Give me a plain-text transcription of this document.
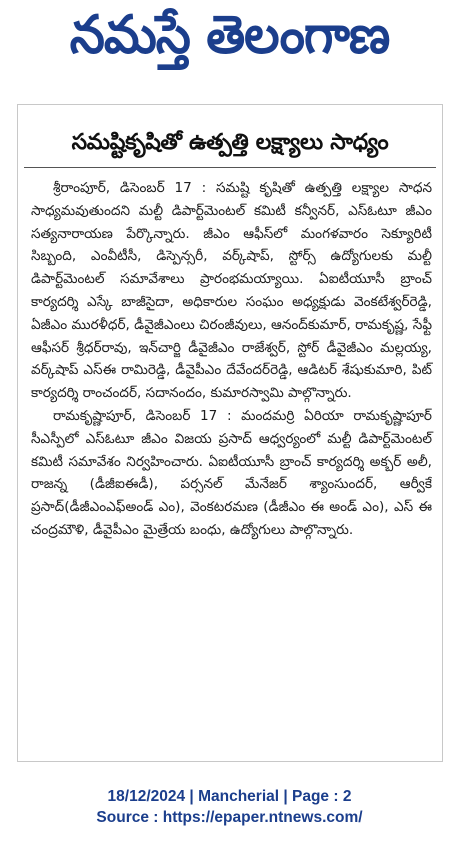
నమస్తే తెలంగాణ
సమష్టికృషితో ఉత్పత్తి లక్ష్యాలు సాధ్యం

శ్రీరాంపూర్, డిసెంబర్ 17 : సమష్టి కృషితో ఉత్పత్తి లక్ష్యాల సాధన సాధ్యమవుతుందని మల్టీ డిపార్ట్‌మెంటల్ కమిటీ కన్వీనర్, ఎస్ఓటూ జీఎం సత్యనారాయణ పేర్కొన్నారు. జీఎం ఆఫీస్‌లో మంగళవారం సెక్యూరిటీ సిబ్బంది, ఎంవీటీసీ, డిస్పెన్సరీ, వర్క్‌షాప్, స్టోర్స్ ఉద్యోగులకు మల్టీ డిపార్ట్‌మెంటల్ సమావేశాలు ప్రారంభమయ్యాయి. ఏఐటీయూసీ బ్రాంచ్ కార్యదర్శి ఎస్కే బాజీసైదా, అధికారుల సంఘం అధ్యక్షుడు వెంకటేశ్వర్‌రెడ్డి, ఏజీఎం మురళీధర్, డీవైజీఎంలు చిరంజీవులు, ఆనంద్‌కుమార్, రామకృష్ణ, సేఫ్టీ ఆఫీసర్ శ్రీధర్‌రావు, ఇన్‌చార్జి డీవైజీఎం రాజేశ్వర్, స్టోర్ డీవైజీఎం మల్లయ్య, వర్క్‌షాప్ ఎస్ఈ రామిరెడ్డి, డీవైపీఎం దేవేందర్‌రెడ్డి, ఆడిటర్ శేషుకుమారి, పిట్ కార్యదర్శి రాంచందర్, సదానందం, కుమారస్వామి పాల్గొన్నారు.

రామకృష్ణాపూర్, డిసెంబర్ 17 : మందమర్రి ఏరియా రామకృష్ణాపూర్ సీఎస్పీలో ఎస్ఓటూ జీఎం విజయ ప్రసాద్ ఆధ్వర్యంలో మల్టీ డిపార్ట్‌మెంటల్ కమిటీ సమావేశం నిర్వహించారు. ఏఐటీయూసీ బ్రాంచ్ కార్యదర్శి అక్బర్ అలీ, రాజన్న (డీజీఐఈడీ), పర్సనల్ మేనేజర్ శ్యాంసుందర్, ఆర్వీకే ప్రసాద్(డీజీఎంఎఫ్అండ్ ఎం), వెంకటరమణ (డీజీఎం ఈ అండ్ ఎం), ఎస్ ఈ చంద్రమౌళి, డీవైపీఎం మైత్రేయ బంధు, ఉద్యోగులు పాల్గొన్నారు.

18/12/2024 | Mancherial | Page : 2
Source : https://epaper.ntnews.com/
